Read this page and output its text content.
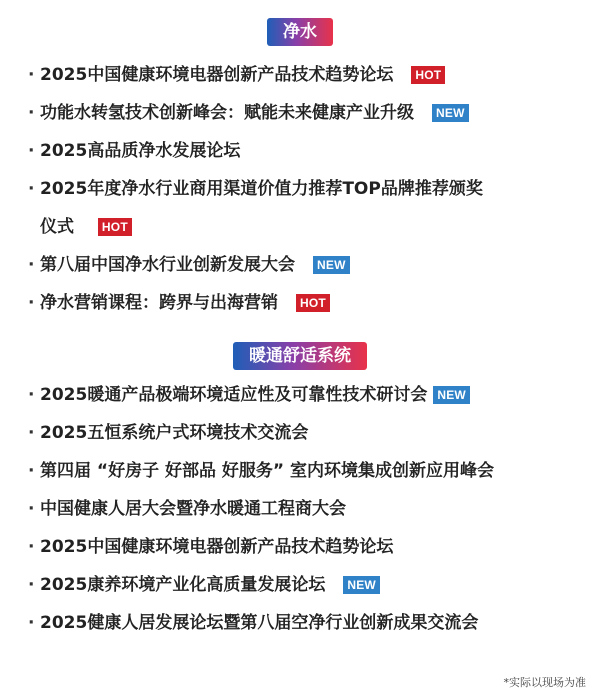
净水
· 2025中国健康环境电器创新产品技术趋势论坛	HOT
· 功能水转氢技术创新峰会：赋能未来健康产业升级	NEW
· 2025高品质净水发展论坛
· 2025年度净水行业商用渠道价值力推荐TOP品牌推荐颁奖
仪式 HOT
· 第八届中国净水行业创新发展大会	NEW
· 净水营销课程：跨界与出海营销	HOT
暖通舒适系统
· 2025暖通产品极端环境适应性及可靠性技术研讨会 NEW
· 2025五恒系统户式环境技术交流会
· 第四届 “好房子 好部品 好服务” 室内环境集成创新应用峰会
· 中国健康人居大会暨净水暖通工程商大会
· 2025中国健康环境电器创新产品技术趋势论坛
· 2025康养环境产业化高质量发展论坛	NEW
· 2025健康人居发展论坛暨第八届空净行业创新成果交流会
*实际以现场为准
